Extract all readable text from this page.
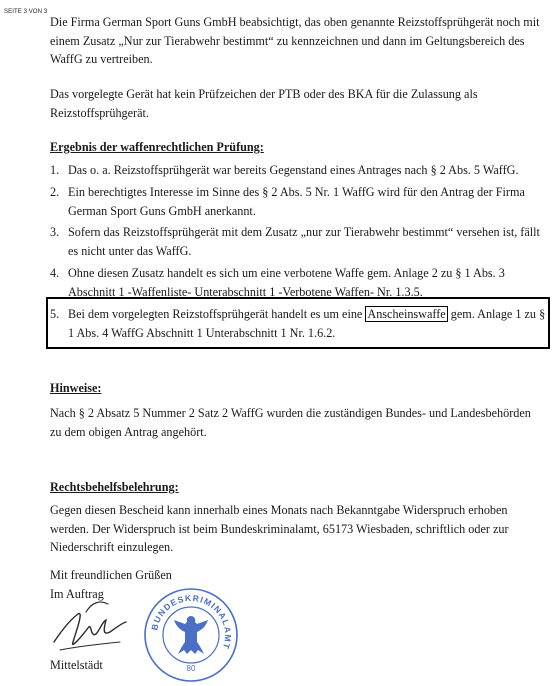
SEITE 3 VON 3

Die Firma German Sport Guns GmbH beabsichtigt, das oben genannte Reizstoffsprühgerät noch mit einem Zusatz „Nur zur Tierabwehr bestimmt“ zu kennzeichnen und dann im Geltungsbereich des WaffG zu vertreiben.

Das vorgelegte Gerät hat kein Prüfzeichen der PTB oder des BKA für die Zulassung als Reizstoffsprühgerät.

Ergebnis der waffenrechtlichen Prüfung:

1. Das o. a. Reizstoffsprühgerät war bereits Gegenstand eines Antrages nach § 2 Abs. 5 WaffG.
2. Ein berechtigtes Interesse im Sinne des § 2 Abs. 5 Nr. 1 WaffG wird für den Antrag der Firma German Sport Guns GmbH anerkannt.
3. Sofern das Reizstoffsprühgerät mit dem Zusatz „nur zur Tierabwehr bestimmt“ versehen ist, fällt es nicht unter das WaffG.
4. Ohne diesen Zusatz handelt es sich um eine verbotene Waffe gem. Anlage 2 zu § 1 Abs. 3 Abschnitt 1 -Waffenliste- Unterabschnitt 1 -Verbotene Waffen- Nr. 1.3.5.
5. Bei dem vorgelegten Reizstoffsprühgerät handelt es um eine Anscheinswaffe gem. Anlage 1 zu § 1 Abs. 4 WaffG Abschnitt 1 Unterabschnitt 1 Nr. 1.6.2.

Hinweise:

Nach § 2 Absatz 5 Nummer 2 Satz 2 WaffG wurden die zuständigen Bundes- und Landesbehörden zu dem obigen Antrag angehört.

Rechtsbehelfsbelehrung:

Gegen diesen Bescheid kann innerhalb eines Monats nach Bekanntgabe Widerspruch erhoben werden. Der Widerspruch ist beim Bundeskriminalamt, 65173 Wiesbaden, schriftlich oder zur Niederschrift einzulegen.

Mit freundlichen Grüßen

Im Auftrag

Mittelstädt

BUNDESKRIMINALAMT
80
